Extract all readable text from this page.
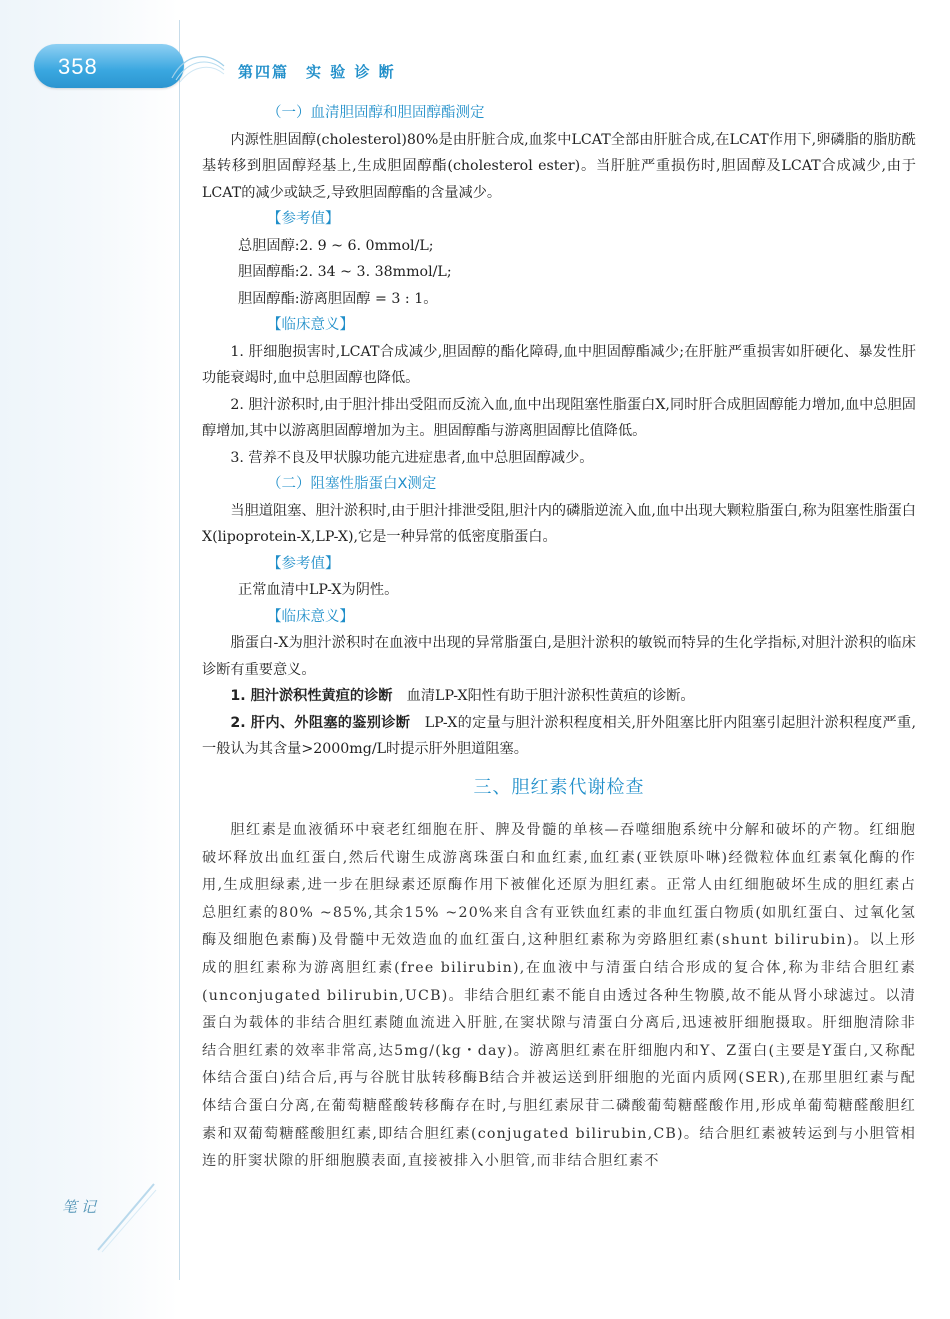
358	第四篇　实 验 诊 断

（一）血清胆固醇和胆固醇酯测定

内源性胆固醇(cholesterol)80%是由肝脏合成,血浆中LCAT全部由肝脏合成,在LCAT作用下,卵磷脂的脂肪酰基转移到胆固醇羟基上,生成胆固醇酯(cholesterol ester)。当肝脏严重损伤时,胆固醇及LCAT合成减少,由于LCAT的减少或缺乏,导致胆固醇酯的含量减少。

【参考值】

总胆固醇:2. 9 ~ 6. 0mmol/L;

胆固醇酯:2. 34 ~ 3. 38mmol/L;

胆固醇酯:游离胆固醇 = 3 : 1。

【临床意义】

1. 肝细胞损害时,LCAT合成减少,胆固醇的酯化障碍,血中胆固醇酯减少;在肝脏严重损害如肝硬化、暴发性肝功能衰竭时,血中总胆固醇也降低。

2. 胆汁淤积时,由于胆汁排出受阻而反流入血,血中出现阻塞性脂蛋白X,同时肝合成胆固醇能力增加,血中总胆固醇增加,其中以游离胆固醇增加为主。胆固醇酯与游离胆固醇比值降低。

3. 营养不良及甲状腺功能亢进症患者,血中总胆固醇减少。

（二）阻塞性脂蛋白X测定

当胆道阻塞、胆汁淤积时,由于胆汁排泄受阻,胆汁内的磷脂逆流入血,血中出现大颗粒脂蛋白,称为阻塞性脂蛋白X(lipoprotein-X,LP-X),它是一种异常的低密度脂蛋白。

【参考值】

正常血清中LP-X为阴性。

【临床意义】

脂蛋白-X为胆汁淤积时在血液中出现的异常脂蛋白,是胆汁淤积的敏锐而特异的生化学指标,对胆汁淤积的临床诊断有重要意义。

1. 胆汁淤积性黄疸的诊断　血清LP-X阳性有助于胆汁淤积性黄疸的诊断。

2. 肝内、外阻塞的鉴别诊断　LP-X的定量与胆汁淤积程度相关,肝外阻塞比肝内阻塞引起胆汁淤积程度严重,一般认为其含量>2000mg/L时提示肝外胆道阻塞。

三、胆红素代谢检查

胆红素是血液循环中衰老红细胞在肝、脾及骨髓的单核—吞噬细胞系统中分解和破坏的产物。红细胞破坏释放出血红蛋白,然后代谢生成游离珠蛋白和血红素,血红素(亚铁原卟啉)经微粒体血红素氧化酶的作用,生成胆绿素,进一步在胆绿素还原酶作用下被催化还原为胆红素。正常人由红细胞破坏生成的胆红素占总胆红素的80% ~85%,其余15% ~20%来自含有亚铁血红素的非血红蛋白物质(如肌红蛋白、过氧化氢酶及细胞色素酶)及骨髓中无效造血的血红蛋白,这种胆红素称为旁路胆红素(shunt bilirubin)。以上形成的胆红素称为游离胆红素(free bilirubin),在血液中与清蛋白结合形成的复合体,称为非结合胆红素(unconjugated bilirubin,UCB)。非结合胆红素不能自由透过各种生物膜,故不能从肾小球滤过。以清蛋白为载体的非结合胆红素随血流进入肝脏,在窦状隙与清蛋白分离后,迅速被肝细胞摄取。肝细胞清除非结合胆红素的效率非常高,达5mg/(kg・day)。游离胆红素在肝细胞内和Y、Z蛋白(主要是Y蛋白,又称配体结合蛋白)结合后,再与谷胱甘肽转移酶B结合并被运送到肝细胞的光面内质网(SER),在那里胆红素与配体结合蛋白分离,在葡萄糖醛酸转移酶存在时,与胆红素尿苷二磷酸葡萄糖醛酸作用,形成单葡萄糖醛酸胆红素和双葡萄糖醛酸胆红素,即结合胆红素(conjugated bilirubin,CB)。结合胆红素被转运到与小胆管相连的肝窦状隙的肝细胞膜表面,直接被排入小胆管,而非结合胆红素不

笔记
